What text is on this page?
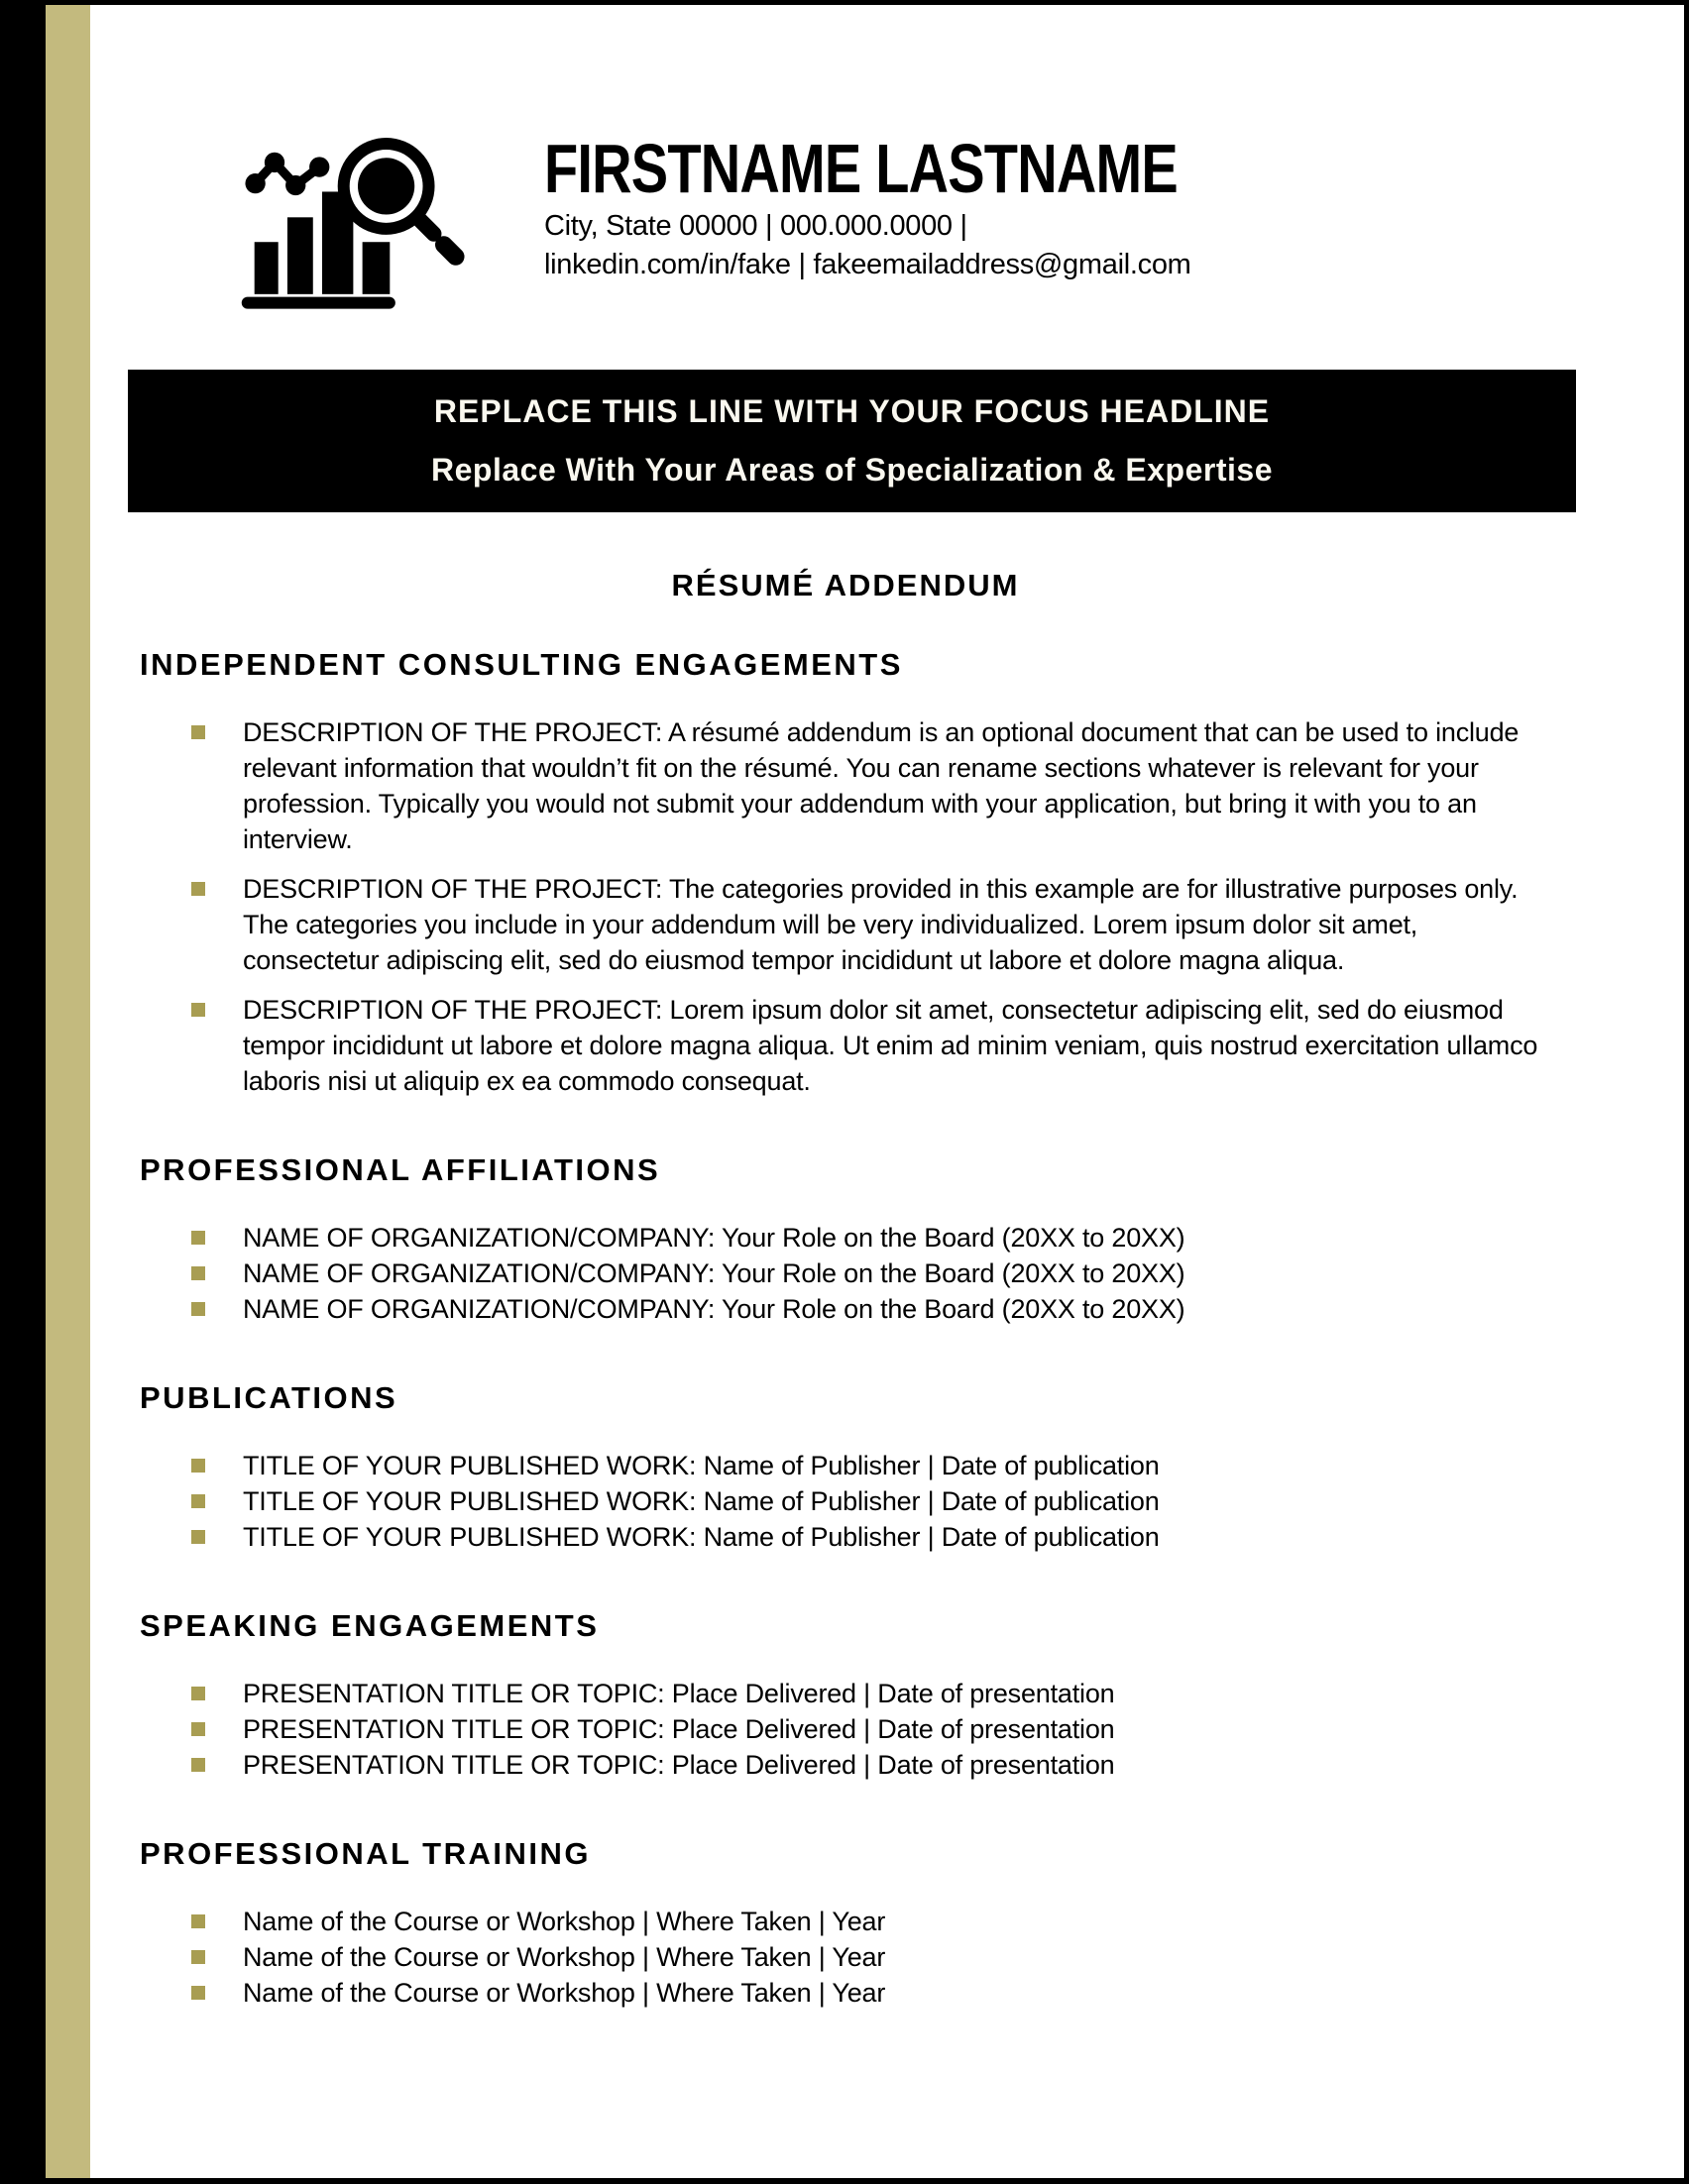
FIRSTNAME LASTNAME
City, State 00000 | 000.000.0000 |
linkedin.com/in/fake | fakeemailaddress@gmail.com
REPLACE THIS LINE WITH YOUR FOCUS HEADLINE
Replace With Your Areas of Specialization & Expertise
RÉSUMÉ ADDENDUM
INDEPENDENT CONSULTING ENGAGEMENTS

DESCRIPTION OF THE PROJECT: A résumé addendum is an optional document that can be used to include relevant information that wouldn’t fit on the résumé. You can rename sections whatever is relevant for your profession. Typically you would not submit your addendum with your application, but bring it with you to an interview.

DESCRIPTION OF THE PROJECT: The categories provided in this example are for illustrative purposes only. The categories you include in your addendum will be very individualized. Lorem ipsum dolor sit amet, consectetur adipiscing elit, sed do eiusmod tempor incididunt ut labore et dolore magna aliqua.

DESCRIPTION OF THE PROJECT: Lorem ipsum dolor sit amet, consectetur adipiscing elit, sed do eiusmod tempor incididunt ut labore et dolore magna aliqua. Ut enim ad minim veniam, quis nostrud exercitation ullamco laboris nisi ut aliquip ex ea commodo consequat.

PROFESSIONAL AFFILIATIONS

NAME OF ORGANIZATION/COMPANY: Your Role on the Board (20XX to 20XX)

NAME OF ORGANIZATION/COMPANY: Your Role on the Board (20XX to 20XX)

NAME OF ORGANIZATION/COMPANY: Your Role on the Board (20XX to 20XX)

PUBLICATIONS

TITLE OF YOUR PUBLISHED WORK: Name of Publisher | Date of publication

TITLE OF YOUR PUBLISHED WORK: Name of Publisher | Date of publication

TITLE OF YOUR PUBLISHED WORK: Name of Publisher | Date of publication

SPEAKING ENGAGEMENTS

PRESENTATION TITLE OR TOPIC: Place Delivered | Date of presentation

PRESENTATION TITLE OR TOPIC: Place Delivered | Date of presentation

PRESENTATION TITLE OR TOPIC: Place Delivered | Date of presentation

PROFESSIONAL TRAINING

Name of the Course or Workshop | Where Taken | Year

Name of the Course or Workshop | Where Taken | Year

Name of the Course or Workshop | Where Taken | Year
